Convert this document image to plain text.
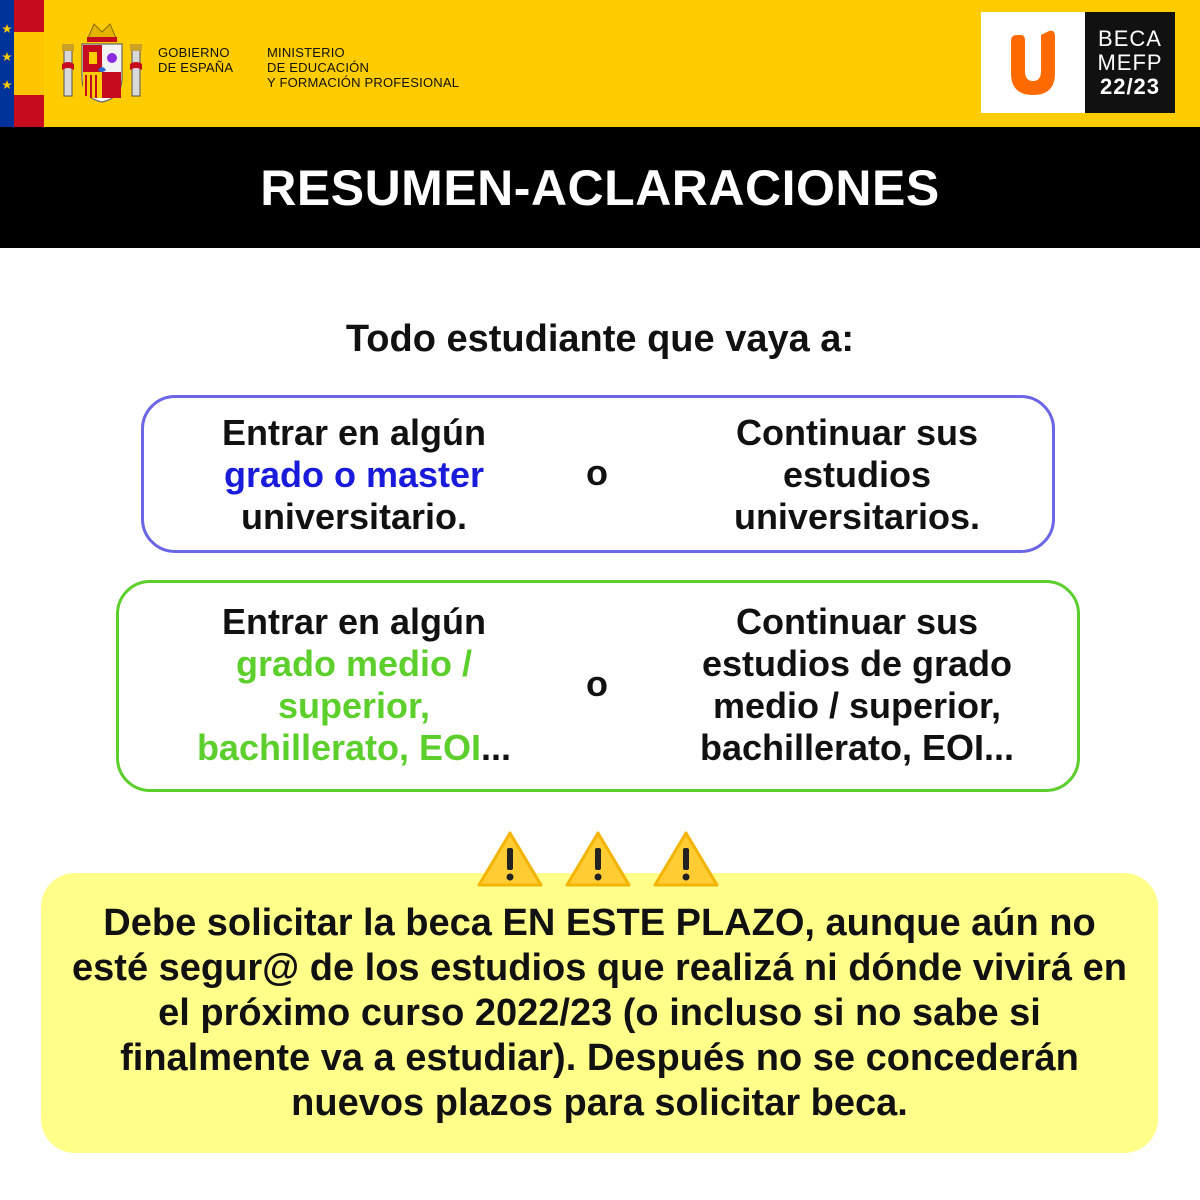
GOBIERNO
DE ESPAÑA
MINISTERIO
DE EDUCACIÓN
Y FORMACIÓN PROFESIONAL
BECA
MEFP
22/23
RESUMEN-ACLARACIONES
Todo estudiante que vaya a:
Entrar en algún
grado o master
universitario.
o
Continuar sus
estudios
universitarios.
Entrar en algún
grado medio /
superior,
bachillerato, EOI...
o
Continuar sus
estudios de grado
medio / superior,
bachillerato, EOI...

Debe solicitar la beca EN ESTE PLAZO, aunque aún no esté segur@ de los estudios que realizá ni dónde vivirá en el próximo curso 2022/23 (o incluso si no sabe si finalmente va a estudiar). Después no se concederán nuevos plazos para solicitar beca.
